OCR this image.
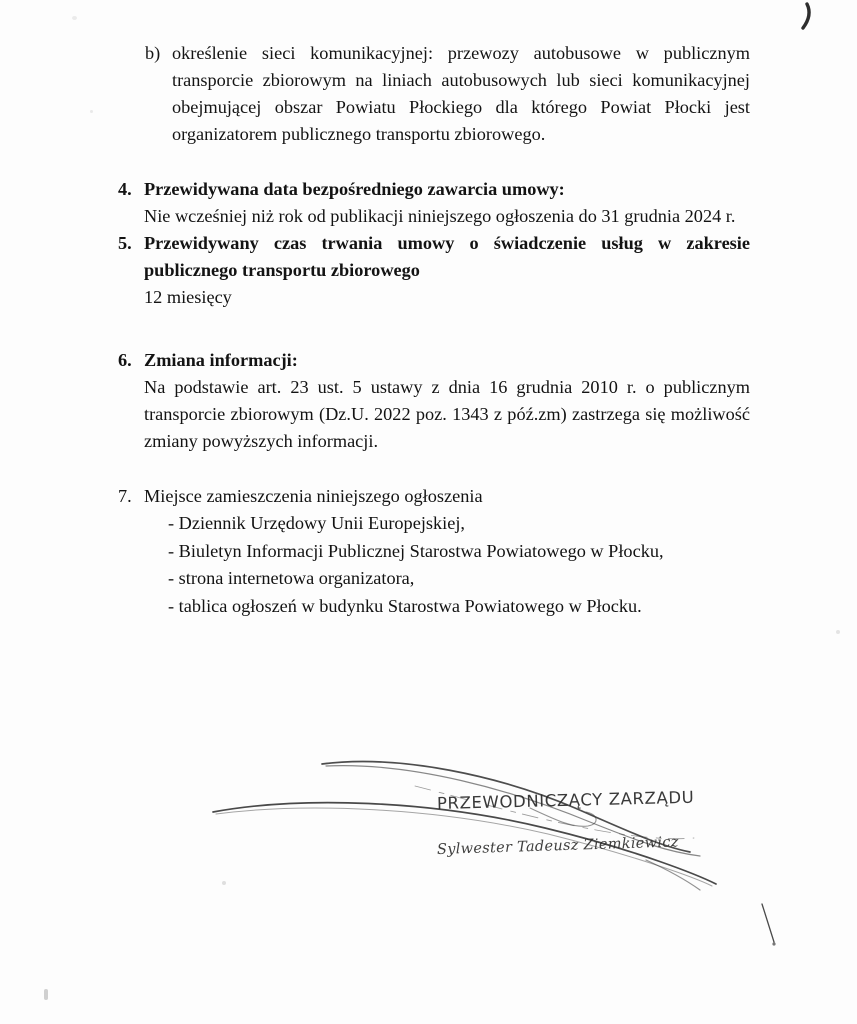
b) określenie sieci komunikacyjnej: przewozy autobusowe w publicznym transporcie zbiorowym na liniach autobusowych lub sieci komunikacyjnej obejmującej obszar Powiatu Płockiego dla którego Powiat Płocki jest organizatorem publicznego transportu zbiorowego.
4. Przewidywana data bezpośredniego zawarcia umowy:
Nie wcześniej niż rok od publikacji niniejszego ogłoszenia do 31 grudnia 2024 r.
5. Przewidywany czas trwania umowy o świadczenie usług w zakresie publicznego transportu zbiorowego
12 miesięcy
6. Zmiana informacji:
Na podstawie art. 23 ust. 5 ustawy z dnia 16 grudnia 2010 r. o publicznym transporcie zbiorowym (Dz.U. 2022 poz. 1343 z póź.zm) zastrzega się możliwość zmiany powyższych informacji.
7. Miejsce zamieszczenia niniejszego ogłoszenia
- Dziennik Urzędowy Unii Europejskiej,
- Biuletyn Informacji Publicznej Starostwa Powiatowego w Płocku,
- strona internetowa organizatora,
- tablica ogłoszeń w budynku Starostwa Powiatowego w Płocku.
PRZEWODNICZĄCY ZARZĄDU
Sylwester Tadeusz Ziemkiewicz
